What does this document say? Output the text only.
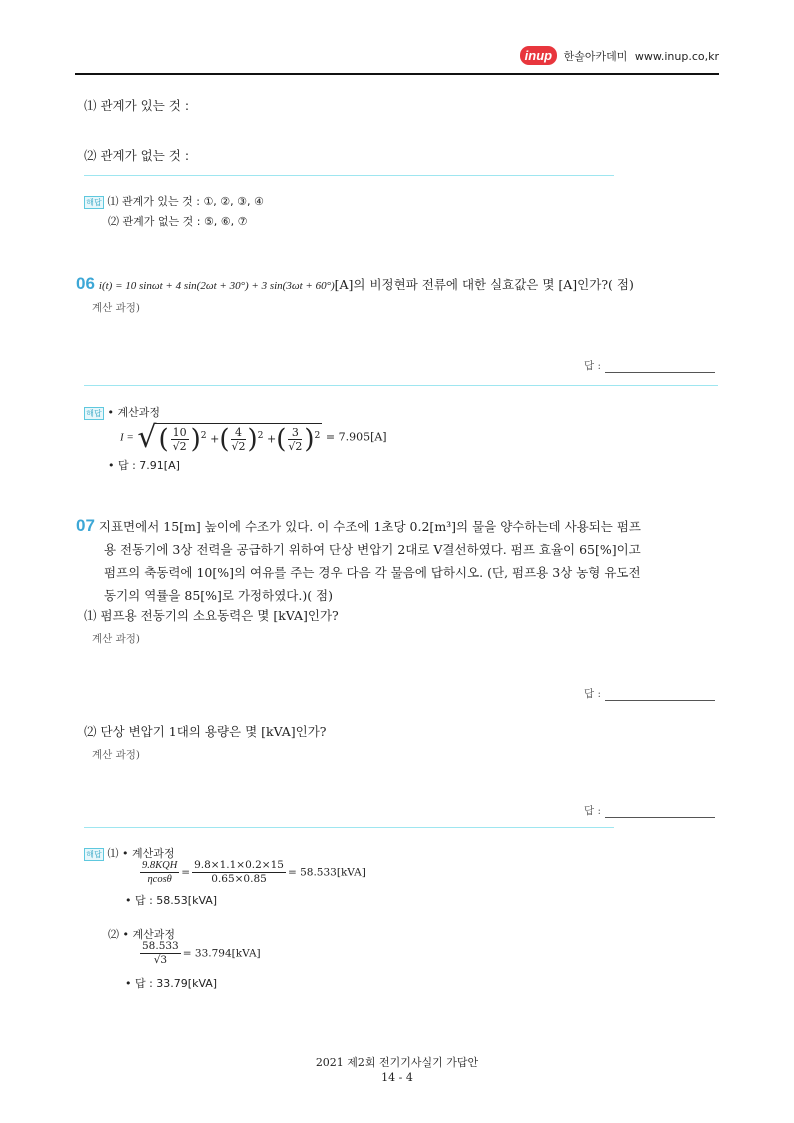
inup 한솔아카데미 www.inup.co,kr
⑴ 관계가 있는 것 :
⑵ 관계가 없는 것 :
해답 ⑴ 관계가 있는 것 : ①, ②, ③, ④
⑵ 관계가 없는 것 : ⑤, ⑥, ⑦
06 i(t) = 10 sinωt + 4 sin(2ωt + 30°) + 3 sin(3ωt + 60°)[A]의 비정현파 전류에 대한 실효값은 몇 [A]인가?( 점)
계산 과정)
답 :
해답 • 계산과정
I = √( $\frac{10}{√2} )^2$ +( $\frac{4}{√2} )^2$ +( $\frac{3}{√2} )^2 = 7.905[A]$
• 답 : 7.91[A]
07 지표면에서 15[m] 높이에 수조가 있다. 이 수조에 1초당 0.2[m³]의 물을 양수하는데 사용되는 펌프
용 전동기에 3상 전력을 공급하기 위하여 단상 변압기 2대로 V결선하였다. 펌프 효율이 65[%]이고
펌프의 축동력에 10[%]의 여유를 주는 경우 다음 각 물음에 답하시오. (단, 펌프용 3상 농형 유도전
동기의 역률을 85[%]로 가정하였다.)( 점)
⑴ 펌프용 전동기의 소요동력은 몇 [kVA]인가?
계산 과정)
답 :
⑵ 단상 변압기 1대의 용량은 몇 [kVA]인가?
계산 과정)
답 :
해답 ⑴ • 계산과정
$\frac{\text{9.8KQH}}{\eta\cos\theta} = \frac{9.8\times 1.1\times 0.2\times 15}{0.65\times 0.85} = 58.533[kVA]$
• 답 : 58.53[kVA]
⑵ • 계산과정
$\frac{58.533}{√3} = 33.794[kVA]$
• 답 : 33.79[kVA]
2021 제2회 전기기사실기 가답안
14 - 4
